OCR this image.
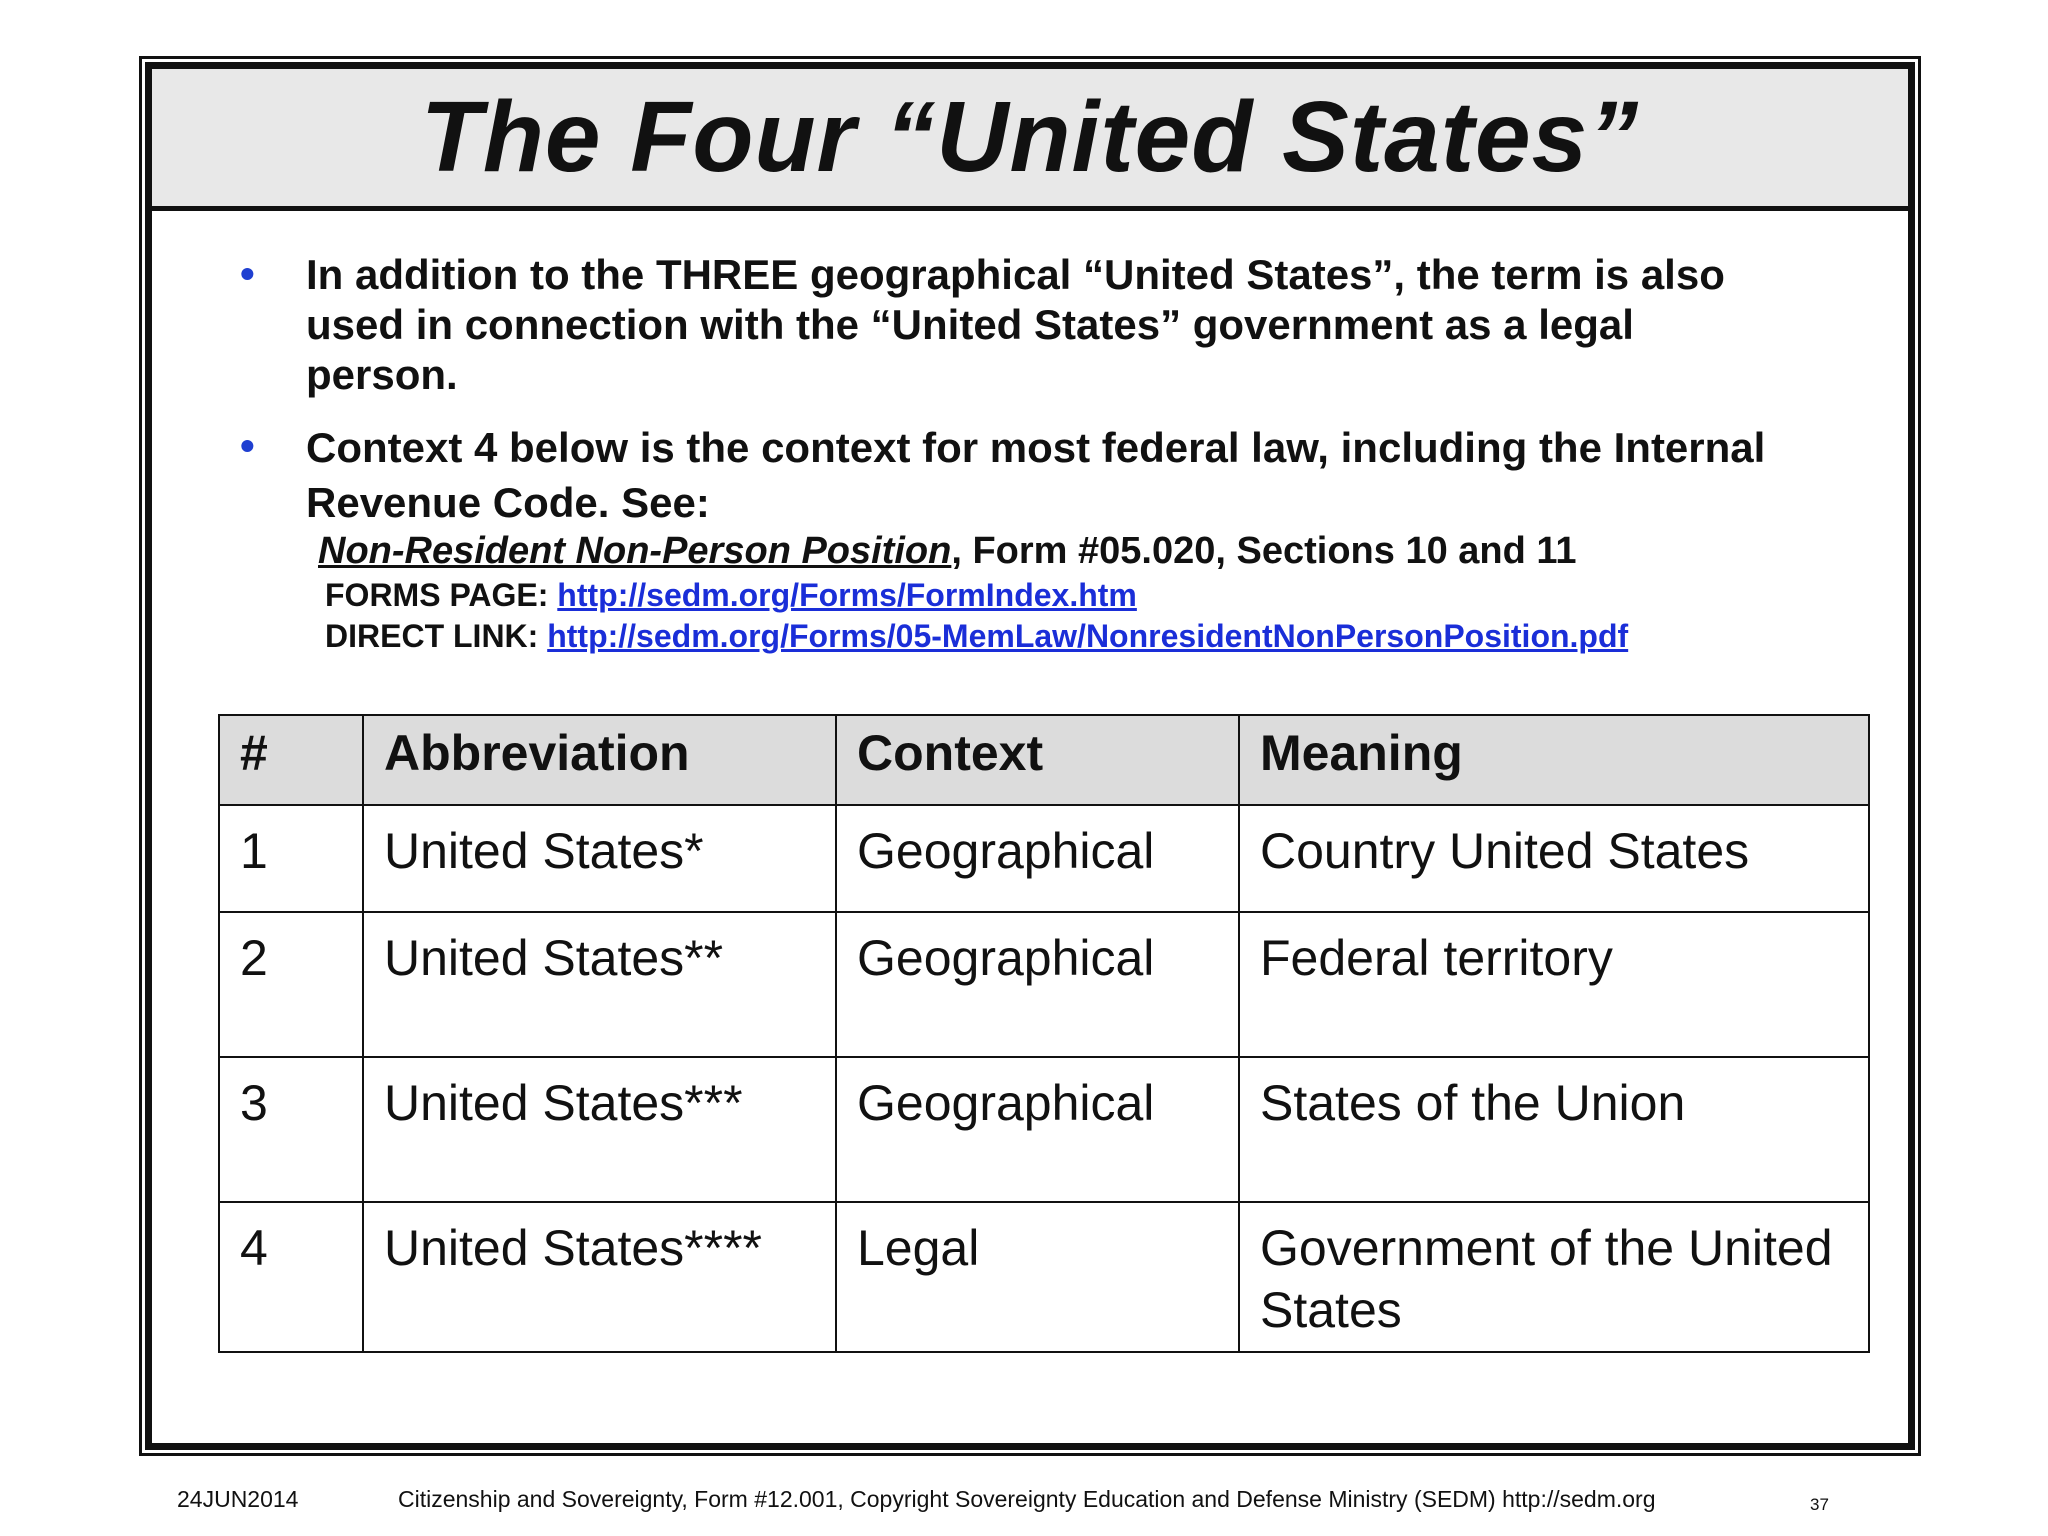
The Four “United States”
• In addition to the THREE geographical “United States”, the term is also used in connection with the “United States” government as a legal person.
• Context 4 below is the context for most federal law, including the Internal Revenue Code. See:
Non-Resident Non-Person Position, Form #05.020, Sections 10 and 11
FORMS PAGE: http://sedm.org/Forms/FormIndex.htm
DIRECT LINK: http://sedm.org/Forms/05-MemLaw/NonresidentNonPersonPosition.pdf
#	Abbreviation	Context	Meaning
1	United States*	Geographical	Country United States
2	United States**	Geographical	Federal territory
3	United States***	Geographical	States of the Union
4	United States****	Legal	Government of the United States
24JUN2014	Citizenship and Sovereignty, Form #12.001, Copyright Sovereignty Education and Defense Ministry (SEDM) http://sedm.org	37
